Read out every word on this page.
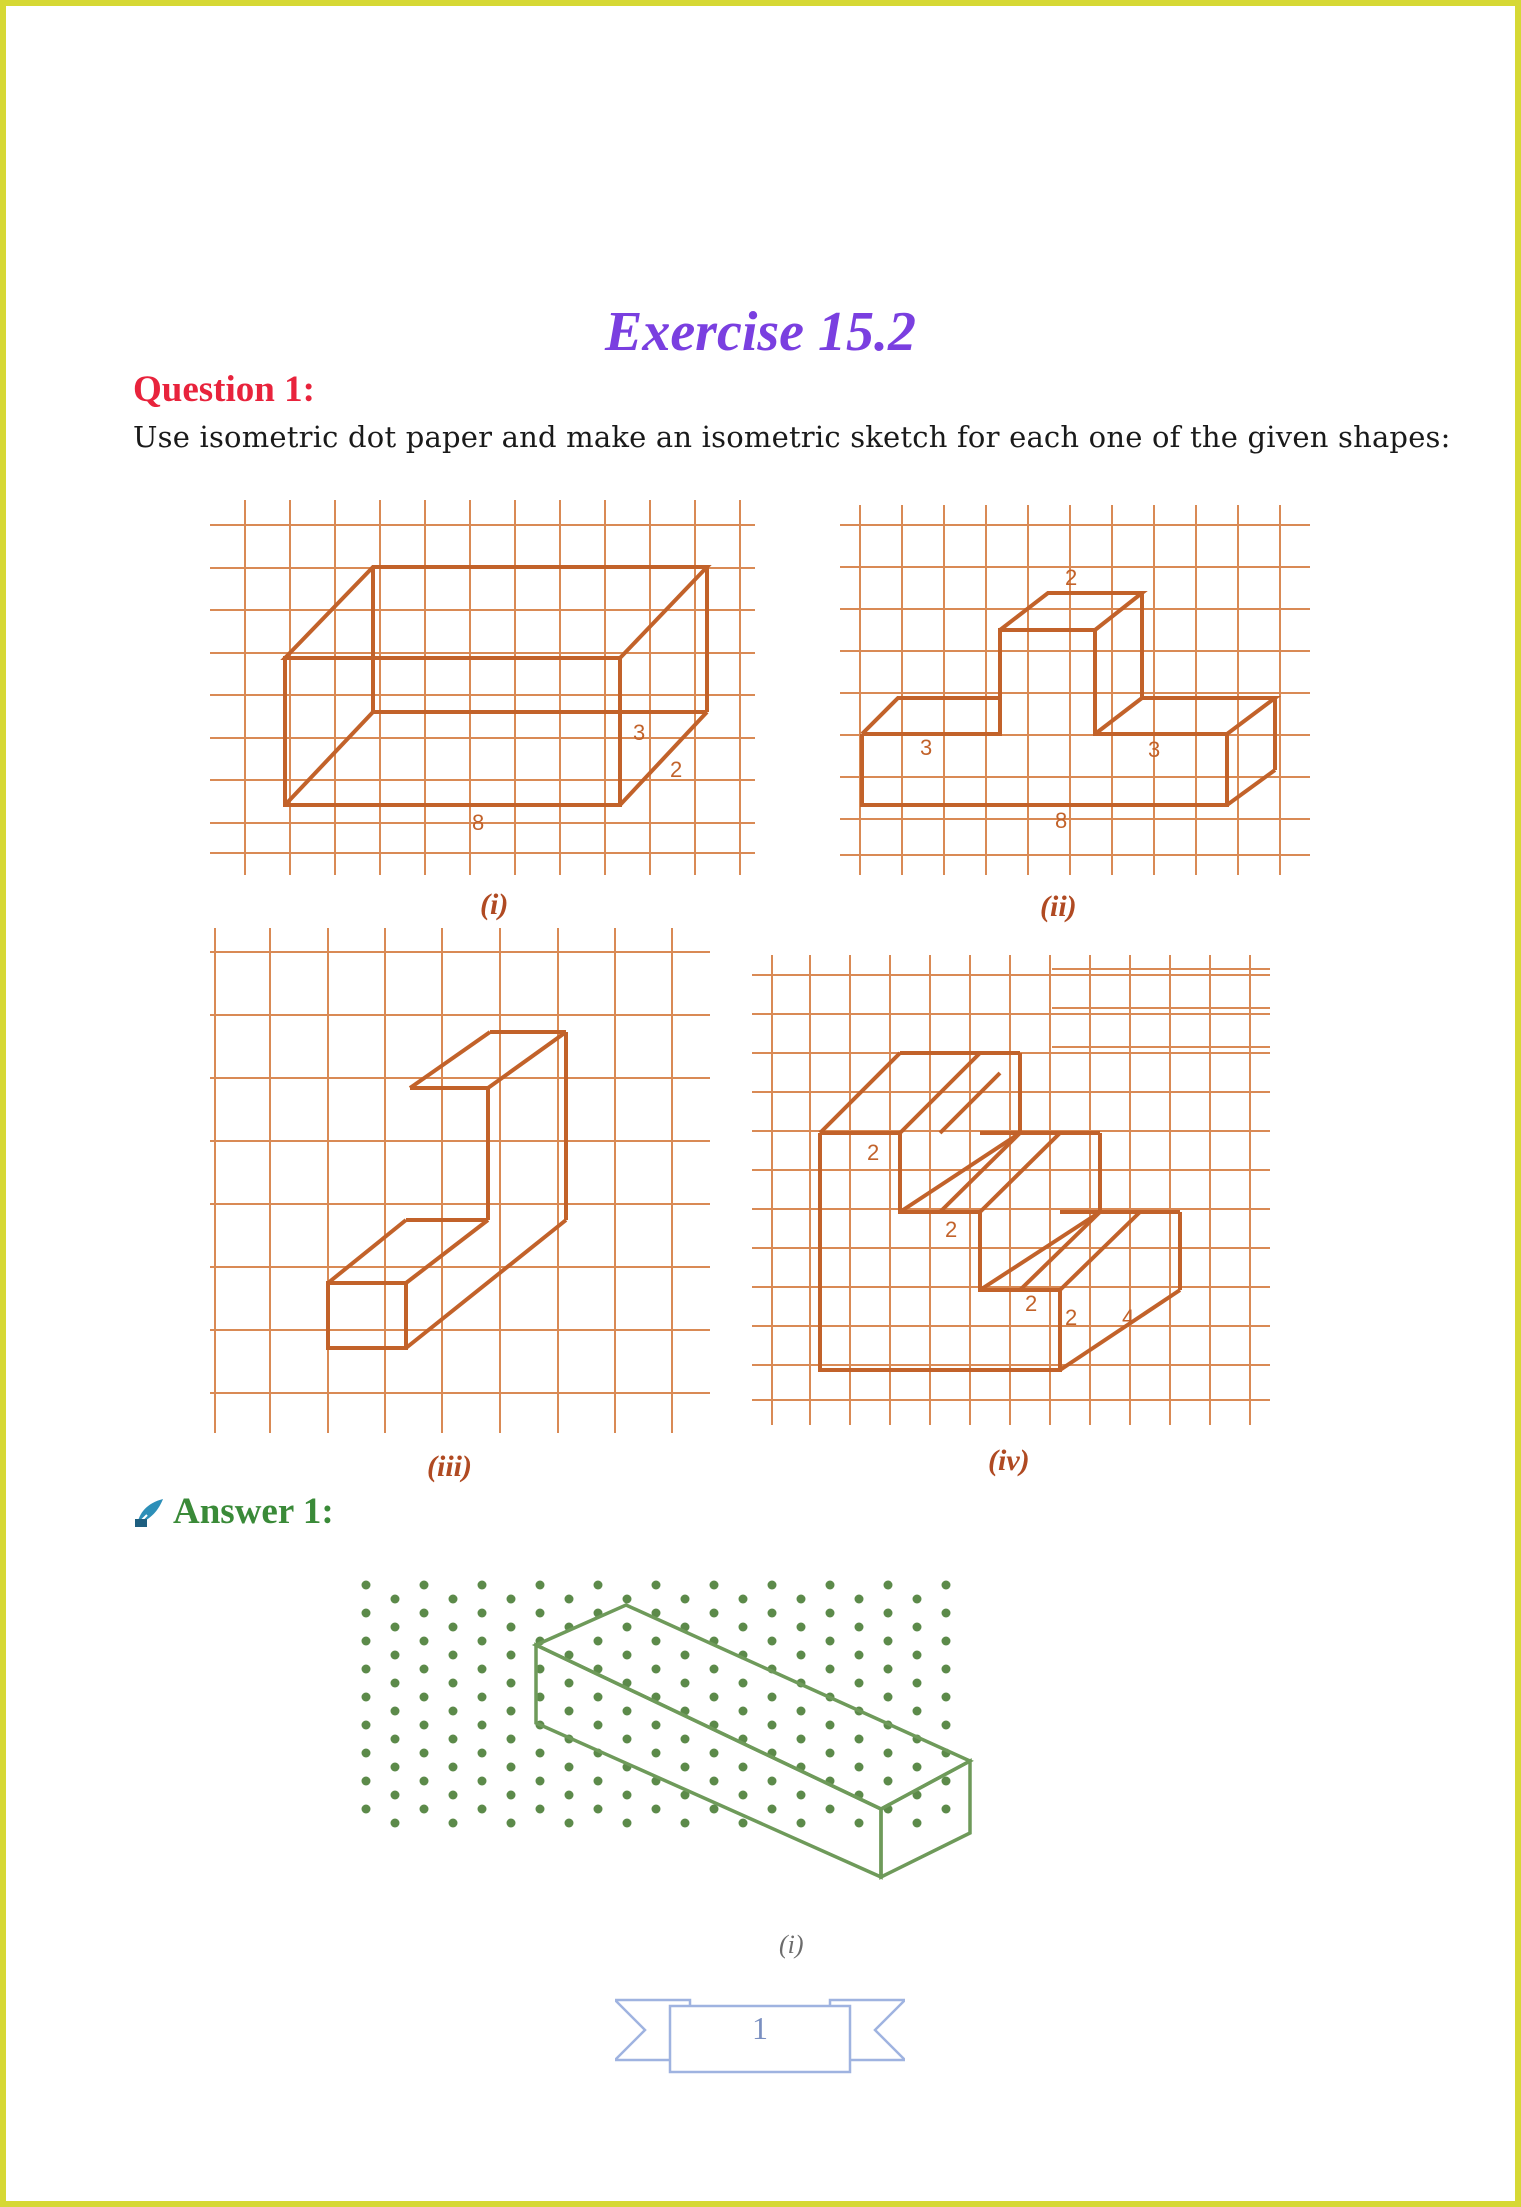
Exercise 15.2
Question 1:
Use isometric dot paper and make an isometric sketch for each one of the given shapes:
3
2
8
(i)
2
3	3
8
(ii)
(iii)
2
2
2
2 4
(iv)
Answer 1:
(i)
1
